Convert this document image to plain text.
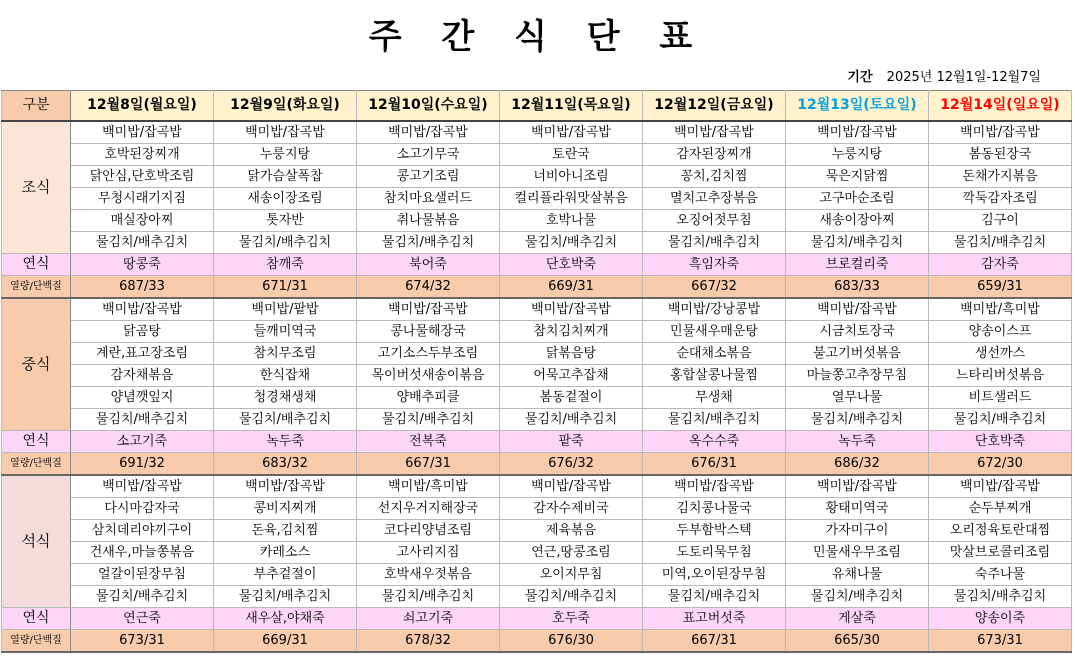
주 간 식 단 표
기간 2025년 12월1일-12월7일
구분	12월8일(월요일)	12월9일(화요일)	12월10일(수요일)	12월11일(목요일)	12월12일(금요일)	12월13일(토요일)	12월14일(일요일)
조식	백미밥/잡곡밥	백미밥/잡곡밥	백미밥/잡곡밥	백미밥/잡곡밥	백미밥/잡곡밥	백미밥/잡곡밥	백미밥/잡곡밥
	호박된장찌개	누룽지탕	소고기무국	토란국	감자된장찌개	누룽지탕	봄동된장국
	닭안심,단호박조림	닭가슴살폭찹	콩고기조림	너비아니조림	꽁치,김치찜	묵은지닭찜	돈채가지볶음
	무청시래기지짐	새송이장조림	참치마요샐러드	컬리플라워맛살볶음	멸치고추장볶음	고구마순조림	깍둑감자조림
	매실장아찌	톳자반	취나물볶음	호박나물	오징어젓무침	새송이장아찌	김구이
	물김치/배추김치	물김치/배추김치	물김치/배추김치	물김치/배추김치	물김치/배추김치	물김치/배추김치	물김치/배추김치
연식	땅콩죽	참깨죽	북어죽	단호박죽	흑임자죽	브로컬리죽	감자죽
열량/단백질	687/33	671/31	674/32	669/31	667/32	683/33	659/31
중식	백미밥/잡곡밥	백미밥/팥밥	백미밥/잡곡밥	백미밥/잡곡밥	백미밥/강낭콩밥	백미밥/잡곡밥	백미밥/흑미밥
	닭곰탕	들깨미역국	콩나물해장국	참치김치찌개	민물새우매운탕	시금치토장국	양송이스프
	계란,표고장조림	참치무조림	고기소스두부조림	닭볶음탕	순대채소볶음	불고기버섯볶음	생선까스
	감자채볶음	한식잡채	목이버섯새송이볶음	어묵고추잡채	홍합살콩나물찜	마늘쫑고추장무침	느타리버섯볶음
	양념깻잎지	청경채생채	양배추피클	봄동겉절이	무생채	열무나물	비트샐러드
	물김치/배추김치	물김치/배추김치	물김치/배추김치	물김치/배추김치	물김치/배추김치	물김치/배추김치	물김치/배추김치
연식	소고기죽	녹두죽	전복죽	팥죽	옥수수죽	녹두죽	단호박죽
열량/단백질	691/32	683/32	667/31	676/32	676/31	686/32	672/30
석식	백미밥/잡곡밥	백미밥/잡곡밥	백미밥/흑미밥	백미밥/잡곡밥	백미밥/잡곡밥	백미밥/잡곡밥	백미밥/잡곡밥
	다시마감자국	콩비지찌개	선지우거지해장국	감자수제비국	김치콩나물국	황태미역국	순두부찌개
	삼치데리야끼구이	돈육,김치찜	코다리양념조림	제육볶음	두부함박스텍	가자미구이	오리정육토란대찜
	건새우,마늘쫑볶음	카레소스	고사리지짐	연근,땅콩조림	도토리묵무침	민물새우무조림	맛살브로콜리조림
	얼갈이된장무침	부추겉절이	호박새우젓볶음	오이지무침	미역,오이된장무침	유채나물	숙주나물
	물김치/배추김치	물김치/배추김치	물김치/배추김치	물김치/배추김치	물김치/배추김치	물김치/배추김치	물김치/배추김치
연식	연근죽	새우살,야채죽	쇠고기죽	호두죽	표고버섯죽	게살죽	양송이죽
열량/단백질	673/31	669/31	678/32	676/30	667/31	665/30	673/31
